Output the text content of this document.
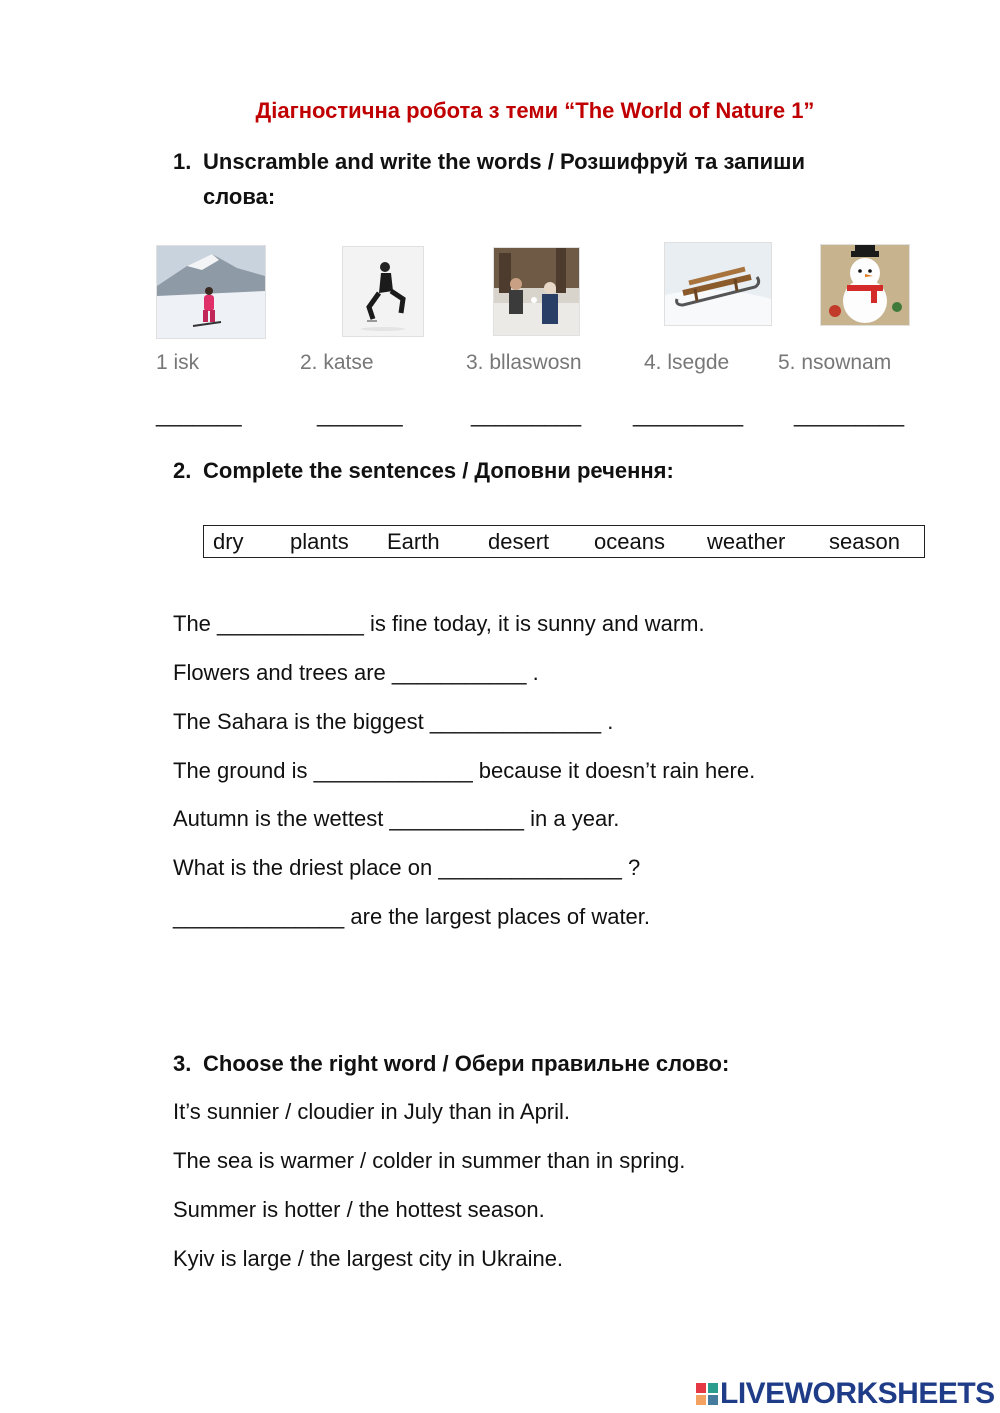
Діагностична робота з теми “The World of Nature 1”
1. Unscramble and write the words / Розшифруй та запиши
слова:
1 isk	2. katse	3. bllaswosn	4. lsegde 5. nsownam
_______	_______	_________ _________ _________
2. Complete the sentences / Доповни речення:
dry plants Earth desert oceans weather season
The ____________ is fine today, it is sunny and warm.
Flowers and trees are ___________ .
The Sahara is the biggest ______________ .
The ground is _____________ because it doesn’t rain here.
Autumn is the wettest ___________ in a year.
What is the driest place on _______________ ?
______________ are the largest places of water.
3. Choose the right word / Обери правильне слово:
It’s sunnier / cloudier in July than in April.
The sea is warmer / colder in summer than in spring.
Summer is hotter / the hottest season.
Kyiv is large / the largest city in Ukraine.
LIVEWORKSHEETS
